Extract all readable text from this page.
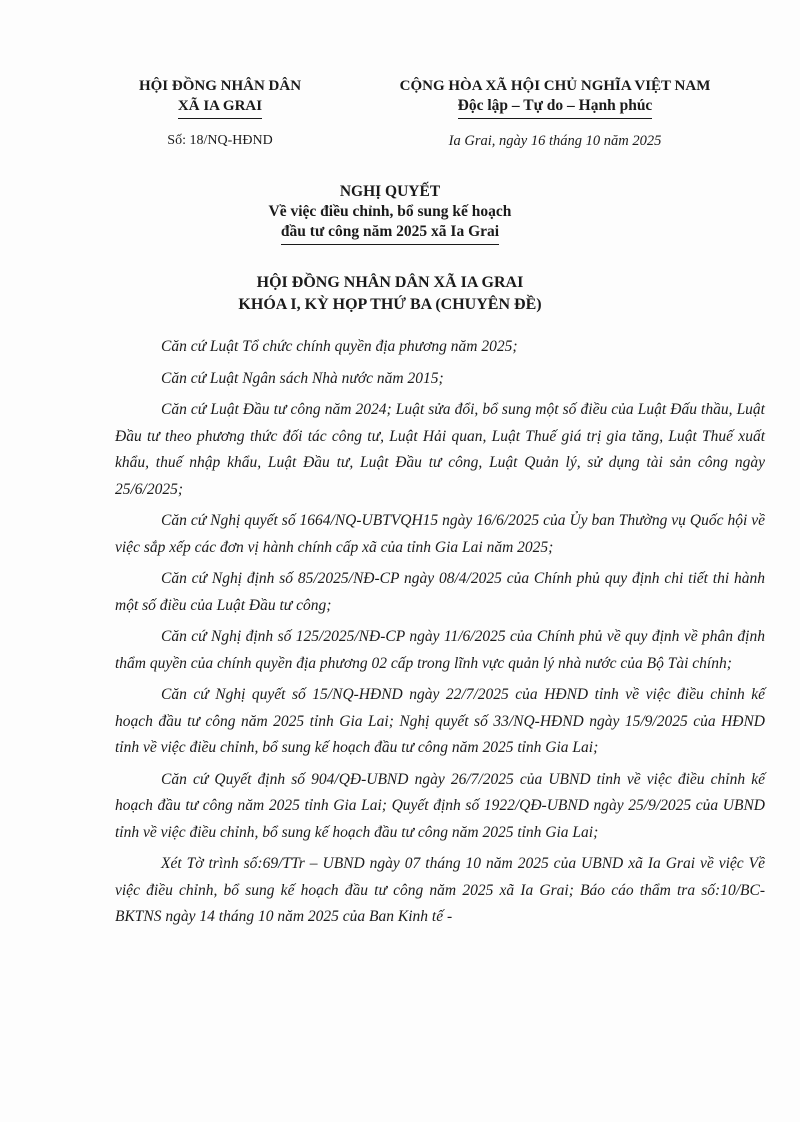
HỘI ĐỒNG NHÂN DÂN
XÃ IA GRAI
Số: 18/NQ-HĐND
CỘNG HÒA XÃ HỘI CHỦ NGHĨA VIỆT NAM
Độc lập – Tự do – Hạnh phúc
Ia Grai, ngày 16 tháng 10 năm 2025
NGHỊ QUYẾT
Về việc điều chỉnh, bổ sung kế hoạch
đầu tư công năm 2025 xã Ia Grai
HỘI ĐỒNG NHÂN DÂN XÃ IA GRAI
KHÓA I, KỲ HỌP THỨ BA (CHUYÊN ĐỀ)

Căn cứ Luật Tổ chức chính quyền địa phương năm 2025;

Căn cứ Luật Ngân sách Nhà nước năm 2015;

Căn cứ Luật Đầu tư công năm 2024; Luật sửa đổi, bổ sung một số điều của Luật Đấu thầu, Luật Đầu tư theo phương thức đối tác công tư, Luật Hải quan, Luật Thuế giá trị gia tăng, Luật Thuế xuất khẩu, thuế nhập khẩu, Luật Đầu tư, Luật Đầu tư công, Luật Quản lý, sử dụng tài sản công ngày 25/6/2025;

Căn cứ Nghị quyết số 1664/NQ-UBTVQH15 ngày 16/6/2025 của Ủy ban Thường vụ Quốc hội về việc sắp xếp các đơn vị hành chính cấp xã của tỉnh Gia Lai năm 2025;

Căn cứ Nghị định số 85/2025/NĐ-CP ngày 08/4/2025 của Chính phủ quy định chi tiết thi hành một số điều của Luật Đầu tư công;

Căn cứ Nghị định số 125/2025/NĐ-CP ngày 11/6/2025 của Chính phủ về quy định về phân định thẩm quyền của chính quyền địa phương 02 cấp trong lĩnh vực quản lý nhà nước của Bộ Tài chính;

Căn cứ Nghị quyết số 15/NQ-HĐND ngày 22/7/2025 của HĐND tỉnh về việc điều chỉnh kế hoạch đầu tư công năm 2025 tỉnh Gia Lai; Nghị quyết số 33/NQ-HĐND ngày 15/9/2025 của HĐND tỉnh về việc điều chỉnh, bổ sung kế hoạch đầu tư công năm 2025 tỉnh Gia Lai;

Căn cứ Quyết định số 904/QĐ-UBND ngày 26/7/2025 của UBND tỉnh về việc điều chỉnh kế hoạch đầu tư công năm 2025 tỉnh Gia Lai; Quyết định số 1922/QĐ-UBND ngày 25/9/2025 của UBND tỉnh về việc điều chỉnh, bổ sung kế hoạch đầu tư công năm 2025 tỉnh Gia Lai;

Xét Tờ trình số:69/TTr – UBND ngày 07 tháng 10 năm 2025 của UBND xã Ia Grai về việc Về việc điều chỉnh, bổ sung kế hoạch đầu tư công năm 2025 xã Ia Grai; Báo cáo thẩm tra số:10/BC- BKTNS ngày 14 tháng 10 năm 2025 của Ban Kinh tế -
